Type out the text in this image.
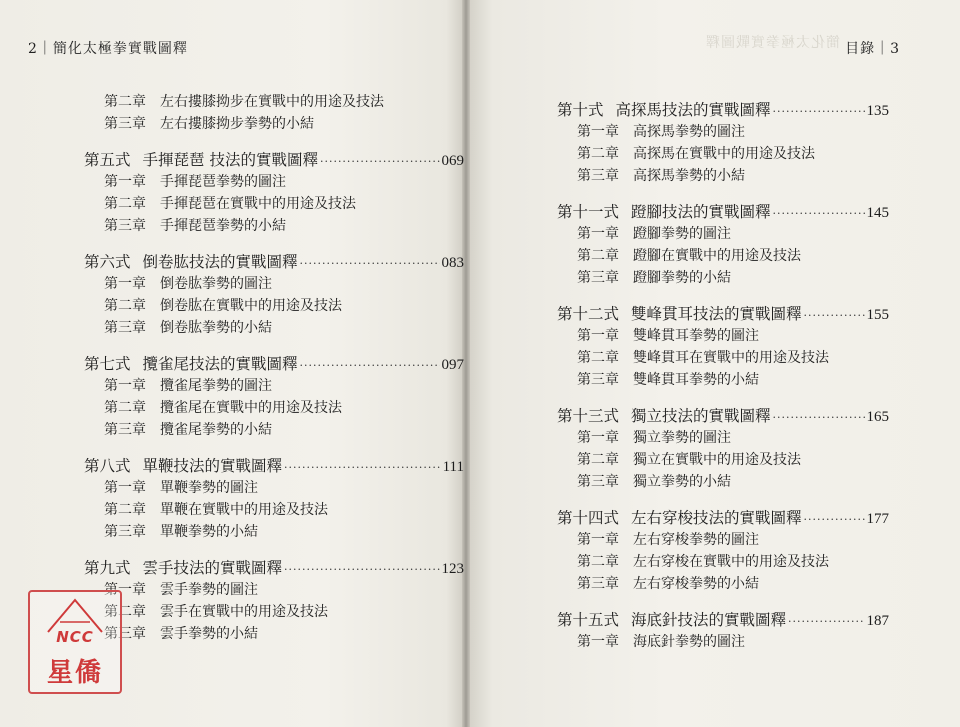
2｜簡化太極拳實戰圖釋	簡化太極拳實戰圖釋 目錄｜3
第二章	左右摟膝拗步在實戰中的用途及技法
第三章	左右摟膝拗步拳勢的小結
第五式 手揮琵琶 技法的實戰圖釋 ·····	069
第一章	手揮琵琶拳勢的圖注
第二章	手揮琵琶在實戰中的用途及技法
第三章	手揮琵琶拳勢的小結
第六式 倒卷肱技法的實戰圖釋 ·····	083
第一章	倒卷肱拳勢的圖注
第二章	倒卷肱在實戰中的用途及技法
第三章	倒卷肱拳勢的小結
第七式 攬雀尾技法的實戰圖釋 ·····	097
第一章	攬雀尾拳勢的圖注
第二章	攬雀尾在實戰中的用途及技法
第三章	攬雀尾拳勢的小結
第八式 單鞭技法的實戰圖釋 ·····	111
第一章	單鞭拳勢的圖注
第二章	單鞭在實戰中的用途及技法
第三章	單鞭拳勢的小結
第九式 雲手技法的實戰圖釋 ·····	123
第一章	雲手拳勢的圖注
第二章	雲手在實戰中的用途及技法
第三章	雲手拳勢的小結
第十式 高探馬技法的實戰圖釋 ·····	135
第一章	高探馬拳勢的圖注
第二章	高探馬在實戰中的用途及技法
第三章	高探馬拳勢的小結
第十一式 蹬腳技法的實戰圖釋 ·····	145
第一章	蹬腳拳勢的圖注
第二章	蹬腳在實戰中的用途及技法
第三章	蹬腳拳勢的小結
第十二式 雙峰貫耳技法的實戰圖釋 ·····	155
第一章	雙峰貫耳拳勢的圖注
第二章	雙峰貫耳在實戰中的用途及技法
第三章	雙峰貫耳拳勢的小結
第十三式 獨立技法的實戰圖釋 ·····	165
第一章	獨立拳勢的圖注
第二章	獨立在實戰中的用途及技法
第三章	獨立拳勢的小結
第十四式 左右穿梭技法的實戰圖釋 ·····	177
第一章	左右穿梭拳勢的圖注
第二章	左右穿梭在實戰中的用途及技法
第三章	左右穿梭拳勢的小結
第十五式 海底針技法的實戰圖釋 ·····	187
第一章	海底針拳勢的圖注
NCC
星僑
